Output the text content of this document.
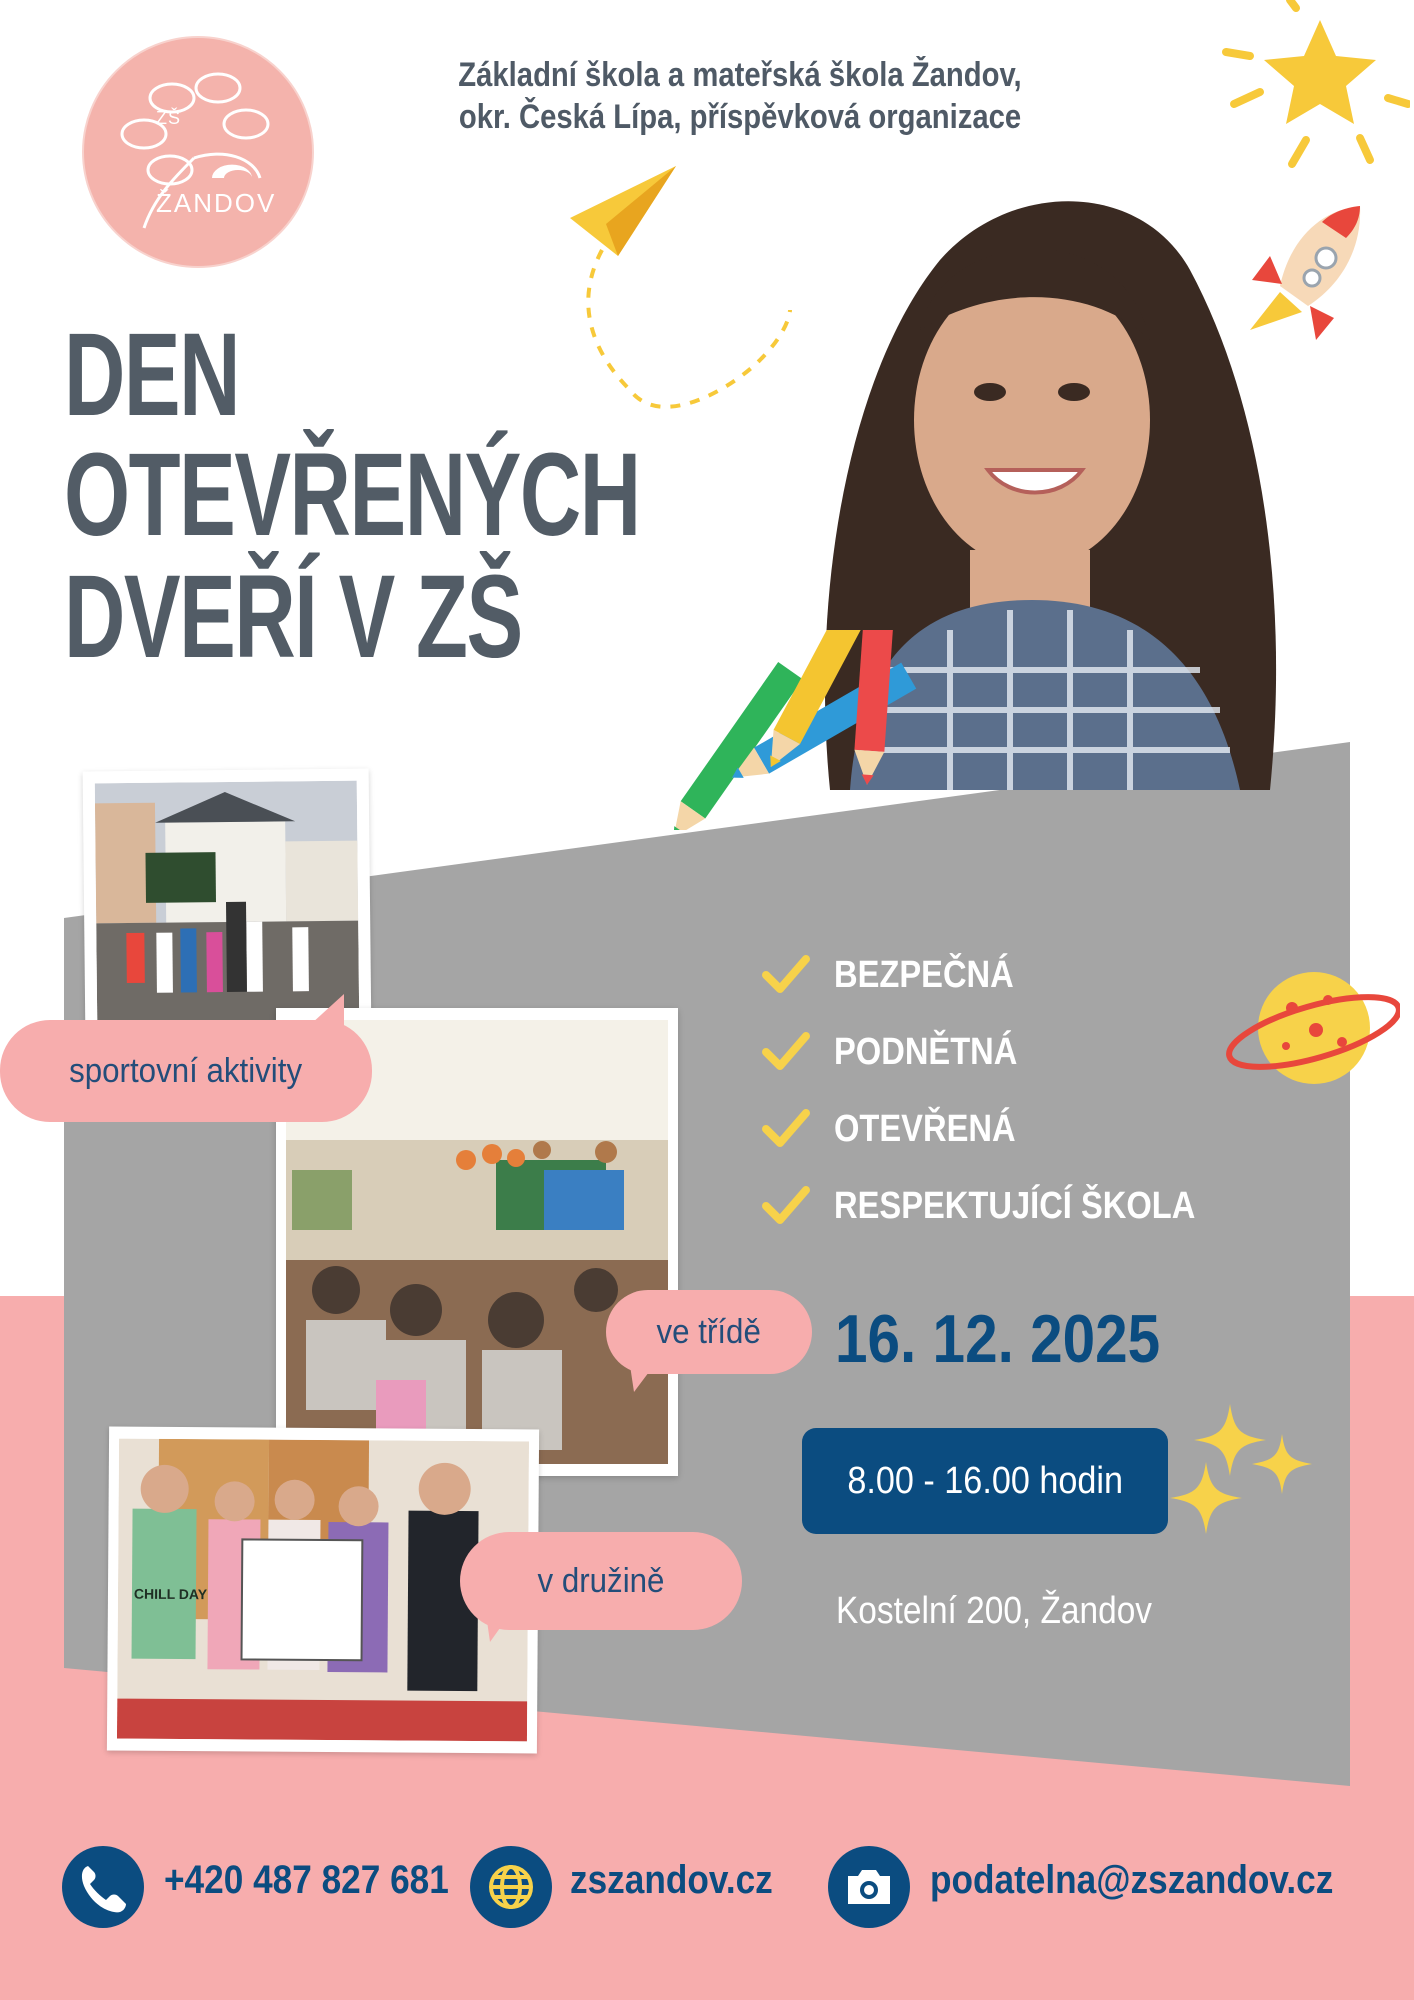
ZŠ
ŽANDOV
Základní škola a mateřská škola Žandov,
okr. Česká Lípa, příspěvková organizace
DEN
OTEVŘENÝCH
DVEŘÍ V ZŠ
BEZPEČNÁ
PODNĚTNÁ
OTEVŘENÁ
RESPEKTUJÍCÍ ŠKOLA
16. 12. 2025
8.00 - 16.00 hodin
Kostelní 200, Žandov
CHILL DAY
sportovní aktivity
ve třídě
v družině
+420 487 827 681	zszandov.cz	podatelna@zszandov.cz
